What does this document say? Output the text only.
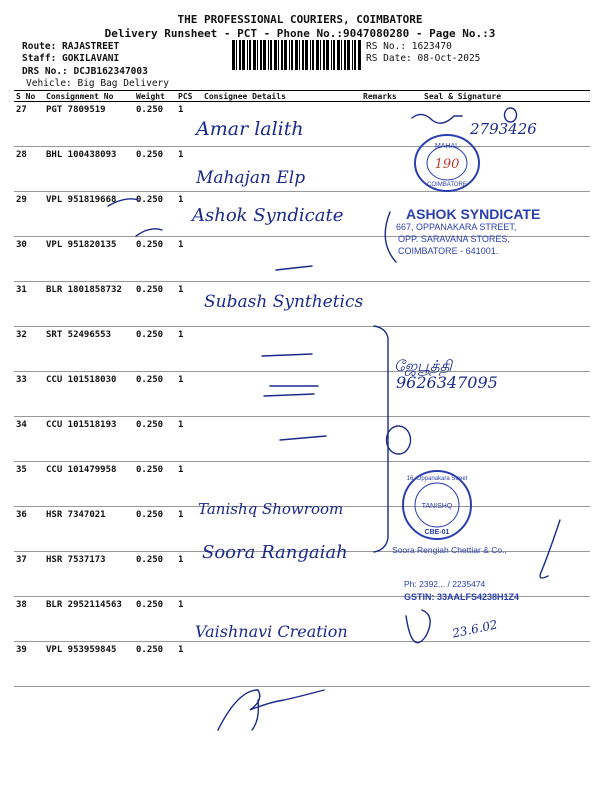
THE PROFESSIONAL COURIERS, COIMBATORE
Delivery Runsheet - PCT - Phone No.:9047080280 - Page No.:3
Route: RAJASTREET
Staff: GOKILAVANI
DRS No.: DCJB162347003
Vehicle: Big Bag Delivery
RS No.: 1623470
RS Date: 08-Oct-2025
S No	Consignment No	Weight	PCS	Consignee Details	Remarks	Seal & Signature
27	PGT 7809519	0.250	1			
28	BHL 100438093	0.250	1			
29	VPL 951819668	0.250	1			
30	VPL 951820135	0.250	1			
31	BLR 1801858732	0.250	1			
32	SRT 52496553	0.250	1			
33	CCU 101518030	0.250	1			
34	CCU 101518193	0.250	1			
35	CCU 101479958	0.250	1			
36	HSR 7347021	0.250	1			
37	HSR 7537173	0.250	1			
38	BLR 2952114563	0.250	1			
39	VPL 953959845	0.250	1			
Amar lalith
Mahajan Elp
Ashok Syndicate
Subash Synthetics
ஜேபூத்தி
9626347095
Tanishq Showroom
Soora Rangaiah
Vaishnavi Creation
2793426
23.6.02
MAHAL
COIMBATORE
190
ASHOK SYNDICATE
667, OPPANAKARA STREET,
OPP. SARAVANA STORES,
COIMBATORE - 641001.
16, Oppanakara Street
TANISHQ
CBE-01
Soora Rengiah Chettiar & Co.,
Ph: 2392... / 2235474
GSTIN: 33AALFS4238H1Z4
